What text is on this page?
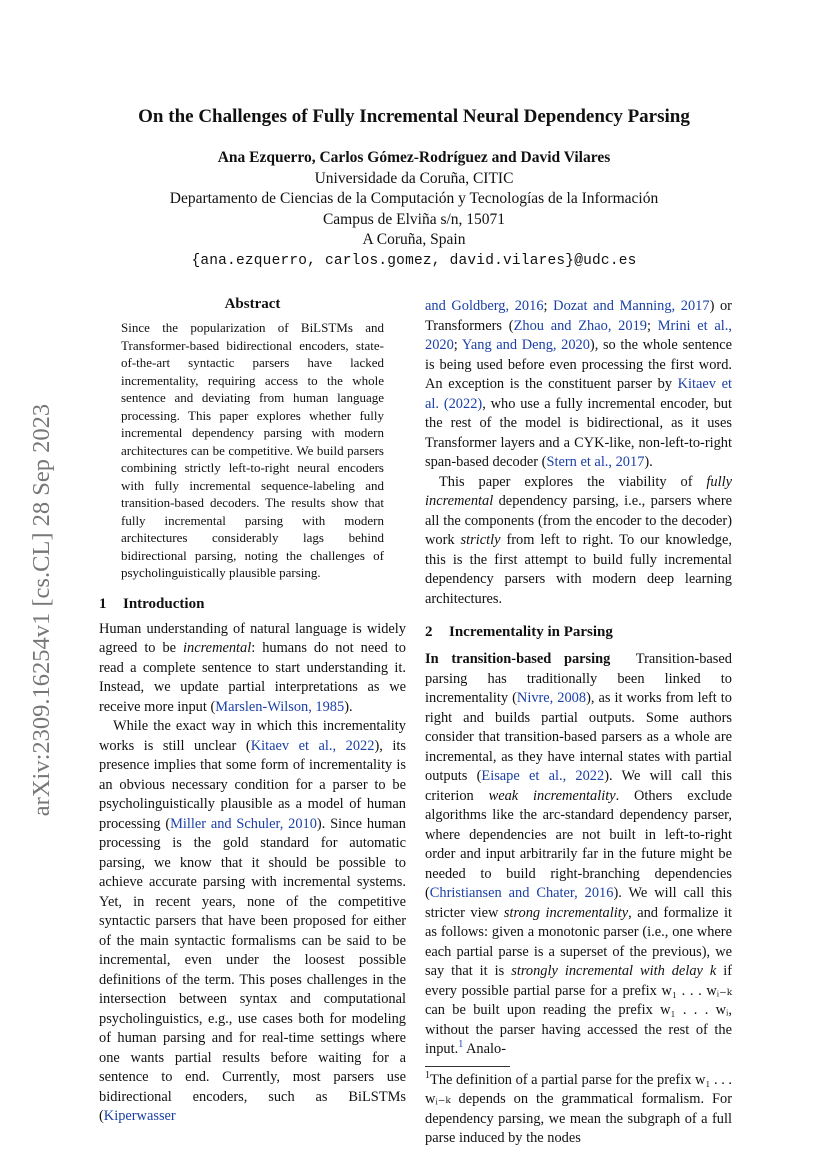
arXiv:2309.16254v1 [cs.CL] 28 Sep 2023
On the Challenges of Fully Incremental Neural Dependency Parsing
Ana Ezquerro, Carlos Gómez-Rodríguez and David Vilares
Universidade da Coruña, CITIC
Departamento de Ciencias de la Computación y Tecnologías de la Información
Campus de Elviña s/n, 15071
A Coruña, Spain
{ana.ezquerro, carlos.gomez, david.vilares}@udc.es
Abstract

Since the popularization of BiLSTMs and Transformer-based bidirectional encoders, state-of-the-art syntactic parsers have lacked incrementality, requiring access to the whole sentence and deviating from human language processing. This paper explores whether fully incremental dependency parsing with modern architectures can be competitive. We build parsers combining strictly left-to-right neural encoders with fully incremental sequence-labeling and transition-based decoders. The results show that fully incremental parsing with modern architectures considerably lags behind bidirectional parsing, noting the challenges of psycholinguistically plausible parsing.

1 Introduction

Human understanding of natural language is widely agreed to be incremental: humans do not need to read a complete sentence to start understanding it. Instead, we update partial interpretations as we receive more input (Marslen-Wilson, 1985).

While the exact way in which this incrementality works is still unclear (Kitaev et al., 2022), its presence implies that some form of incrementality is an obvious necessary condition for a parser to be psycholinguistically plausible as a model of human processing (Miller and Schuler, 2010). Since human processing is the gold standard for automatic parsing, we know that it should be possible to achieve accurate parsing with incremental systems. Yet, in recent years, none of the competitive syntactic parsers that have been proposed for either of the main syntactic formalisms can be said to be incremental, even under the loosest possible definitions of the term. This poses challenges in the intersection between syntax and computational psycholinguistics, e.g., use cases both for modeling of human parsing and for real-time settings where one wants partial results before waiting for a sentence to end. Currently, most parsers use bidirectional encoders, such as BiLSTMs (Kiperwasser

and Goldberg, 2016; Dozat and Manning, 2017) or Transformers (Zhou and Zhao, 2019; Mrini et al., 2020; Yang and Deng, 2020), so the whole sentence is being used before even processing the first word. An exception is the constituent parser by Kitaev et al. (2022), who use a fully incremental encoder, but the rest of the model is bidirectional, as it uses Transformer layers and a CYK-like, non-left-to-right span-based decoder (Stern et al., 2017).

This paper explores the viability of fully incremental dependency parsing, i.e., parsers where all the components (from the encoder to the decoder) work strictly from left to right. To our knowledge, this is the first attempt to build fully incremental dependency parsers with modern deep learning architectures.

2 Incrementality in Parsing

In transition-based parsing Transition-based parsing has traditionally been linked to incrementality (Nivre, 2008), as it works from left to right and builds partial outputs. Some authors consider that transition-based parsers as a whole are incremental, as they have internal states with partial outputs (Eisape et al., 2022). We will call this criterion weak incrementality. Others exclude algorithms like the arc-standard dependency parser, where dependencies are not built in left-to-right order and input arbitrarily far in the future might be needed to build right-branching dependencies (Christiansen and Chater, 2016). We will call this stricter view strong incrementality, and formalize it as follows: given a monotonic parser (i.e., one where each partial parse is a superset of the previous), we say that it is strongly incremental with delay k if every possible partial parse for a prefix w₁ . . . wᵢ₋ₖ can be built upon reading the prefix w₁ . . . wᵢ, without the parser having accessed the rest of the input.$^1$ Analo-

$^1$The definition of a partial parse for the prefix w₁ . . . wᵢ₋ₖ depends on the grammatical formalism. For dependency parsing, we mean the subgraph of a full parse induced by the nodes
